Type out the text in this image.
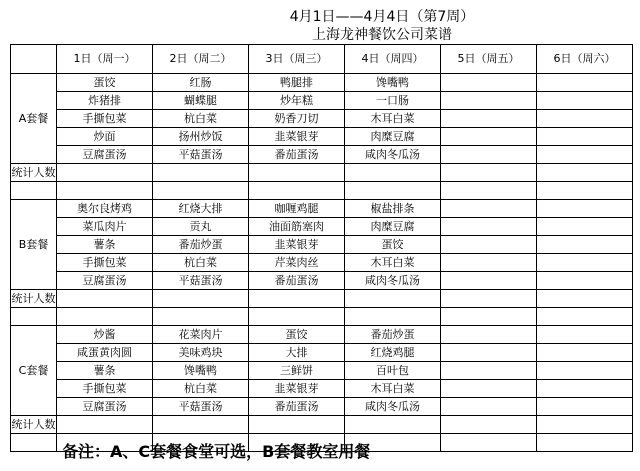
4月1日——4月4日（第7周）
上海龙神餐饮公司菜谱
	1日（周一）	2日（周二）	3日（周三）	4日（周四）	5日（周五）	6日（周六）
A套餐	蛋饺	红肠	鸭腿排	馋嘴鸭		
	炸猪排	蝴蝶腿	炒年糕	一口肠		
	手撕包菜	杭白菜	奶香刀切	木耳白菜		
	炒面	扬州炒饭	韭菜银芽	肉糜豆腐		
	豆腐蛋汤	平菇蛋汤	番茄蛋汤	咸肉冬瓜汤		
统计人数						

B套餐	奥尔良烤鸡	红烧大排	咖喱鸡腿	椒盐排条		
	菜瓜肉片	贡丸	油面筋塞肉	肉糜豆腐		
	薯条	番茄炒蛋	韭菜银芽	蛋饺		
	手撕包菜	杭白菜	芹菜肉丝	木耳白菜		
	豆腐蛋汤	平菇蛋汤	番茄蛋汤	咸肉冬瓜汤		
统计人数						

C套餐	炒酱	花菜肉片	蛋饺	番茄炒蛋		
	咸蛋黄肉圆	美味鸡块	大排	红烧鸡腿		
	薯条	馋嘴鸭	三鲜饼	百叶包		
	手撕包菜	杭白菜	韭菜银芽	木耳白菜		
	豆腐蛋汤	平菇蛋汤	番茄蛋汤	咸肉冬瓜汤		
统计人数						

备注：A、C套餐食堂可选，B套餐教室用餐
